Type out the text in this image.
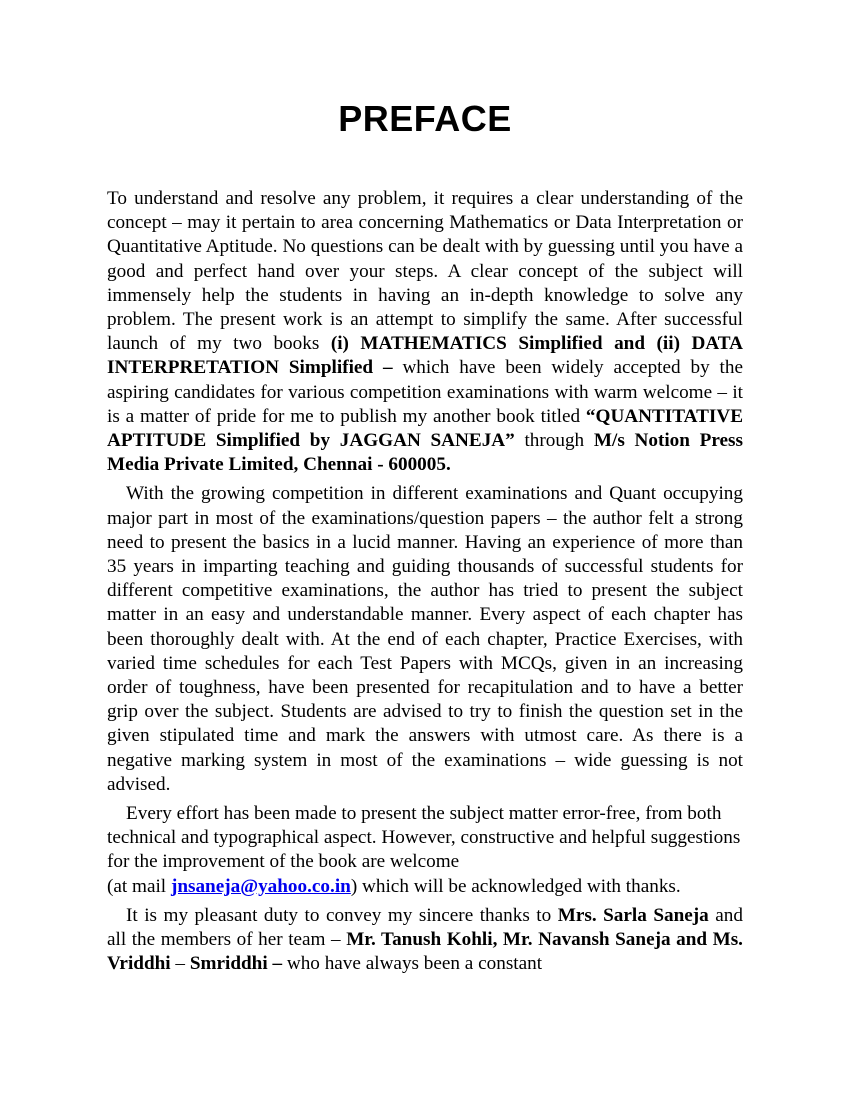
PREFACE

To understand and resolve any problem, it requires a clear understanding of the concept – may it pertain to area concerning Mathematics or Data Interpretation or Quantitative Aptitude. No questions can be dealt with by guessing until you have a good and perfect hand over your steps. A clear concept of the subject will immensely help the students in having an in-depth knowledge to solve any problem. The present work is an attempt to simplify the same. After successful launch of my two books (i) MATHEMATICS Simplified and (ii) DATA INTERPRETATION Simplified – which have been widely accepted by the aspiring candidates for various competition examinations with warm welcome – it is a matter of pride for me to publish my another book titled “QUANTITATIVE APTITUDE Simplified by JAGGAN SANEJA” through M/s Notion Press Media Private Limited, Chennai - 600005.

With the growing competition in different examinations and Quant occupying major part in most of the examinations/question papers – the author felt a strong need to present the basics in a lucid manner. Having an experience of more than 35 years in imparting teaching and guiding thousands of successful students for different competitive examinations, the author has tried to present the subject matter in an easy and understandable manner. Every aspect of each chapter has been thoroughly dealt with. At the end of each chapter, Practice Exercises, with varied time schedules for each Test Papers with MCQs, given in an increasing order of toughness, have been presented for recapitulation and to have a better grip over the subject. Students are advised to try to finish the question set in the given stipulated time and mark the answers with utmost care. As there is a negative marking system in most of the examinations – wide guessing is not advised.

Every effort has been made to present the subject matter error-free, from both technical and typographical aspect. However, constructive and helpful suggestions for the improvement of the book are welcome
(at mail jnsaneja@yahoo.co.in) which will be acknowledged with thanks.

It is my pleasant duty to convey my sincere thanks to Mrs. Sarla Saneja and all the members of her team – Mr. Tanush Kohli, Mr. Navansh Saneja and Ms. Vriddhi – Smriddhi – who have always been a constant
